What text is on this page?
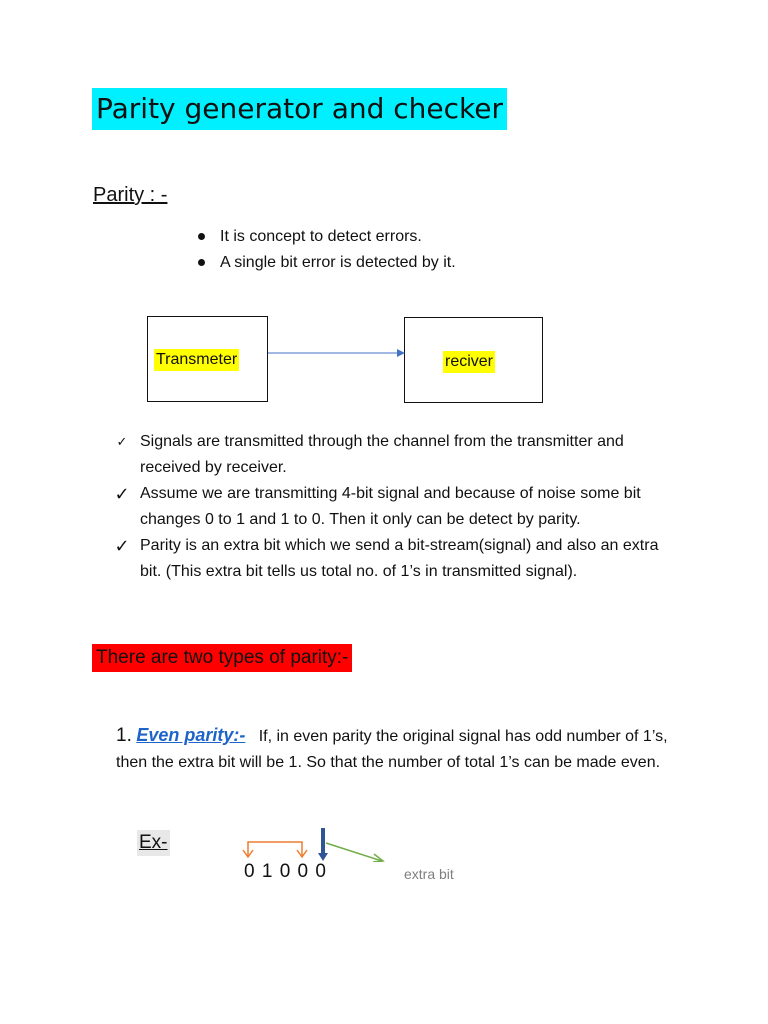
Parity generator and checker
Parity : -
It is concept to detect errors.
A single bit error is detected by it.
Transmeter	reciver
✓ Signals are transmitted through the channel from the transmitter and received by receiver.
✓ Assume we are transmitting 4-bit signal and because of noise some bit changes 0 to 1 and 1 to 0. Then it only can be detect by parity.
✓ Parity is an extra bit which we send a bit-stream(signal) and also an extra bit. (This extra bit tells us total no. of 1’s in transmitted signal).
There are two types of parity:-
1. Even parity:- If, in even parity the original signal has odd number of 1’s, then the extra bit will be 1. So that the number of total 1’s can be made even.
Ex-
0 1 0 0 0	extra bit
